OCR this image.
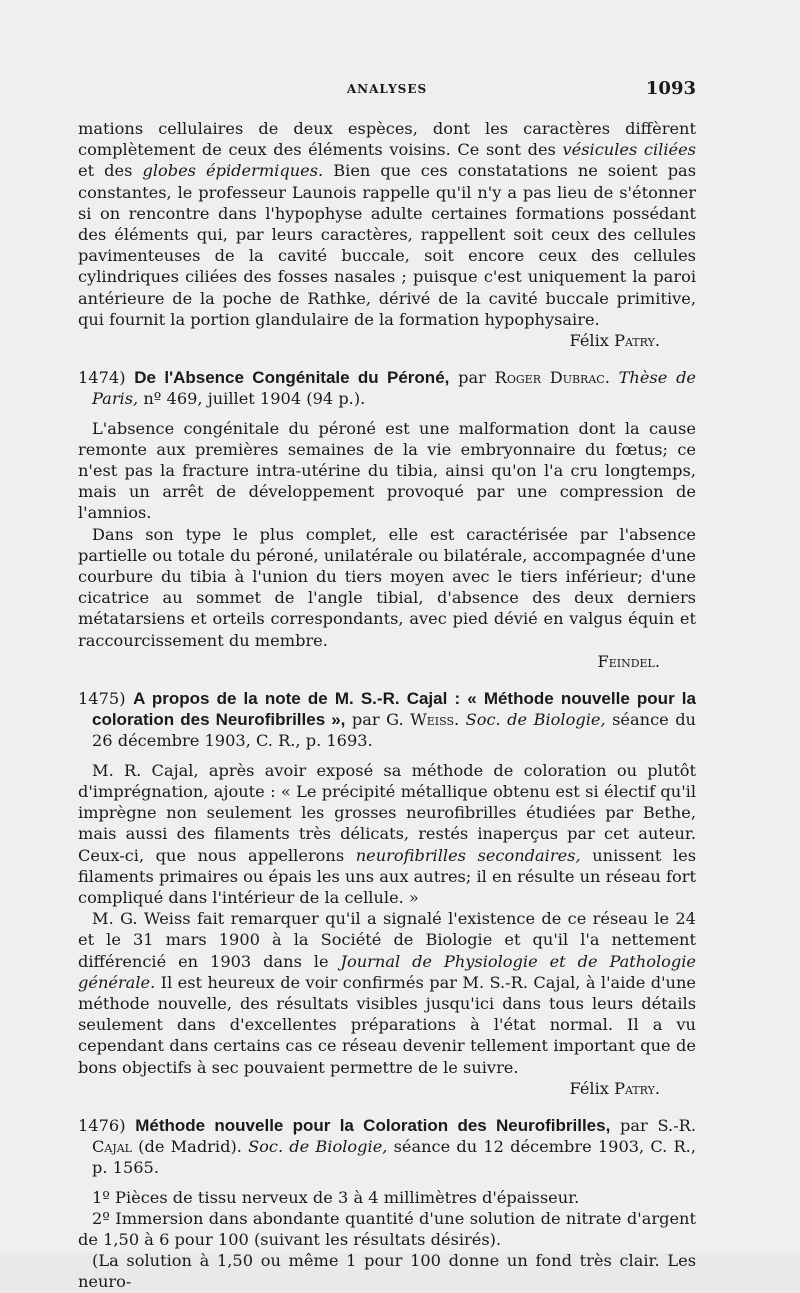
ANALYSES	1093

mations cellulaires de deux espèces, dont les caractères diffèrent complètement de ceux des éléments voisins. Ce sont des vésicules ciliées et des globes épidermiques. Bien que ces constatations ne soient pas constantes, le professeur Launois rappelle qu'il n'y a pas lieu de s'étonner si on rencontre dans l'hypophyse adulte certaines formations possédant des éléments qui, par leurs caractères, rappellent soit ceux des cellules pavimenteuses de la cavité buccale, soit encore ceux des cellules cylindriques ciliées des fosses nasales ; puisque c'est uniquement la paroi antérieure de la poche de Rathke, dérivé de la cavité buccale primitive, qui fournit la portion glandulaire de la formation hypophysaire.

Félix Patry.

1474) De l'Absence Congénitale du Péroné, par Roger Dubrac. Thèse de Paris, nº 469, juillet 1904 (94 p.).

L'absence congénitale du péroné est une malformation dont la cause remonte aux premières semaines de la vie embryonnaire du fœtus; ce n'est pas la fracture intra-utérine du tibia, ainsi qu'on l'a cru longtemps, mais un arrêt de développement provoqué par une compression de l'amnios.

Dans son type le plus complet, elle est caractérisée par l'absence partielle ou totale du péroné, unilatérale ou bilatérale, accompagnée d'une courbure du tibia à l'union du tiers moyen avec le tiers inférieur; d'une cicatrice au sommet de l'angle tibial, d'absence des deux derniers métatarsiens et orteils correspondants, avec pied dévié en valgus équin et raccourcissement du membre.

Feindel.

1475) A propos de la note de M. S.-R. Cajal : « Méthode nouvelle pour la coloration des Neurofibrilles », par G. Weiss. Soc. de Biologie, séance du 26 décembre 1903, C. R., p. 1693.

M. R. Cajal, après avoir exposé sa méthode de coloration ou plutôt d'imprégnation, ajoute : « Le précipité métallique obtenu est si électif qu'il imprègne non seulement les grosses neurofibrilles étudiées par Bethe, mais aussi des filaments très délicats, restés inaperçus par cet auteur. Ceux-ci, que nous appellerons neurofibrilles secondaires, unissent les filaments primaires ou épais les uns aux autres; il en résulte un réseau fort compliqué dans l'intérieur de la cellule. »

M. G. Weiss fait remarquer qu'il a signalé l'existence de ce réseau le 24 et le 31 mars 1900 à la Société de Biologie et qu'il l'a nettement différencié en 1903 dans le Journal de Physiologie et de Pathologie générale. Il est heureux de voir confirmés par M. S.-R. Cajal, à l'aide d'une méthode nouvelle, des résultats visibles jusqu'ici dans tous leurs détails seulement dans d'excellentes préparations à l'état normal. Il a vu cependant dans certains cas ce réseau devenir tellement important que de bons objectifs à sec pouvaient permettre de le suivre.

Félix Patry.

1476) Méthode nouvelle pour la Coloration des Neurofibrilles, par S.-R. Cajal (de Madrid). Soc. de Biologie, séance du 12 décembre 1903, C. R., p. 1565.

1º Pièces de tissu nerveux de 3 à 4 millimètres d'épaisseur.

2º Immersion dans abondante quantité d'une solution de nitrate d'argent de 1,50 à 6 pour 100 (suivant les résultats désirés).

(La solution à 1,50 ou même 1 pour 100 donne un fond très clair. Les neuro-
